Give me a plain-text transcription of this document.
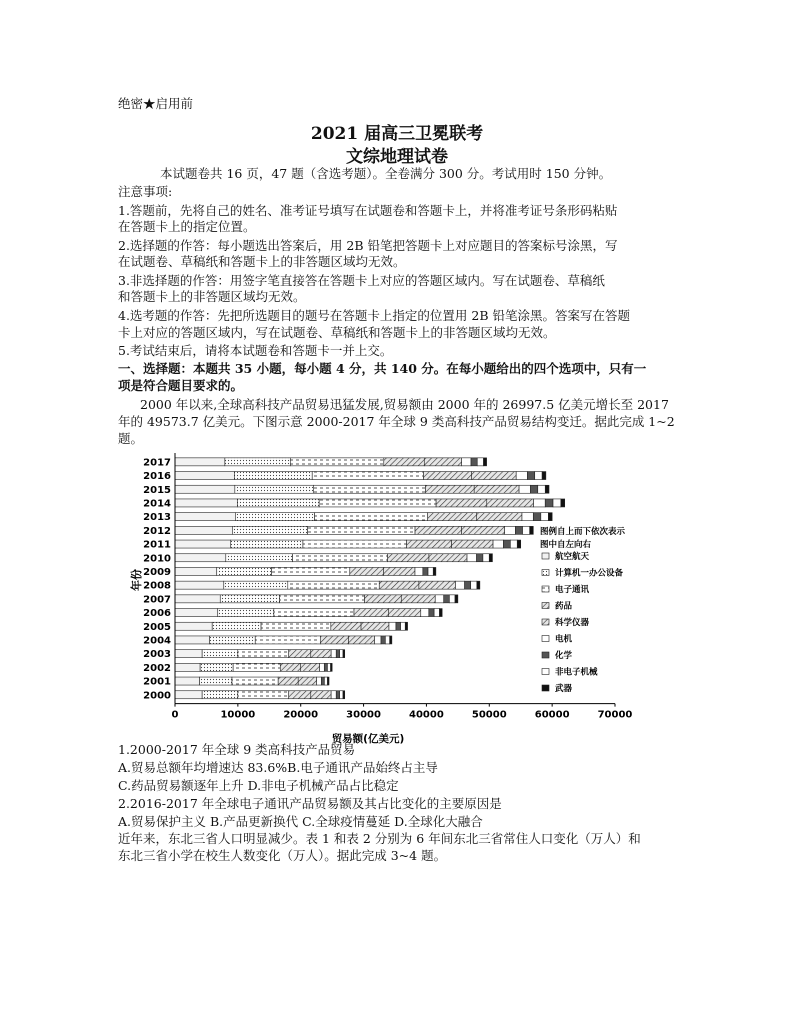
绝密★启用前
2021 届高三卫冕联考
文综地理试卷
本试题卷共 16 页，47 题（含选考题）。全卷满分 300 分。考试用时 150 分钟。
注意事项:
1.答题前，先将自己的姓名、准考证号填写在试题卷和答题卡上，并将准考证号条形码粘贴
在答题卡上的指定位置。
2.选择题的作答：每小题选出答案后，用 2B 铅笔把答题卡上对应题目的答案标号涂黑，写
在试题卷、草稿纸和答题卡上的非答题区域均无效。
3.非选择题的作答：用签字笔直接答在答题卡上对应的答题区域内。写在试题卷、草稿纸
和答题卡上的非答题区域均无效。
4.选考题的作答：先把所选题目的题号在答题卡上指定的位置用 2B 铅笔涂黑。答案写在答题
卡上对应的答题区域内，写在试题卷、草稿纸和答题卡上的非答题区域均无效。
5.考试结束后，请将本试题卷和答题卡一并上交。
一、选择题：本题共 35 小题，每小题 4 分，共 140 分。在每小题给出的四个选项中，只有一
项是符合题目要求的。
2000 年以来,全球高科技产品贸易迅猛发展,贸易额由 2000 年的 26997.5 亿美元增长至 2017 年的 49573.7 亿美元。下图示意 2000-2017 年全球 9 类高科技产品贸易结构变迁。据此完成 1~2 题。
0	10000	20000	30000	40000	50000	60000	70000
2017
2016
2015
2014
2013
2012
2011
2010
2009
2008
2007
2006
2005
2004
2003
2002
2001
2000
年份
贸易额(亿美元)
图例自上而下依次表示
图中自左向右
航空航天
计算机一办公设备
电子通讯
药品
科学仪器
电机
化学
非电子机械
武器
1.2000-2017 年全球 9 类高科技产品贸易
A.贸易总额年均增速达 83.6%B.电子通讯产品始终占主导
C.药品贸易额逐年上升 D.非电子机械产品占比稳定
2.2016-2017 年全球电子通讯产品贸易额及其占比变化的主要原因是
A.贸易保护主义 B.产品更新换代 C.全球疫情蔓延 D.全球化大融合
近年来，东北三省人口明显减少。表 1 和表 2 分别为 6 年间东北三省常住人口变化（万人）和
东北三省小学在校生人数变化（万人）。据此完成 3~4 题。
